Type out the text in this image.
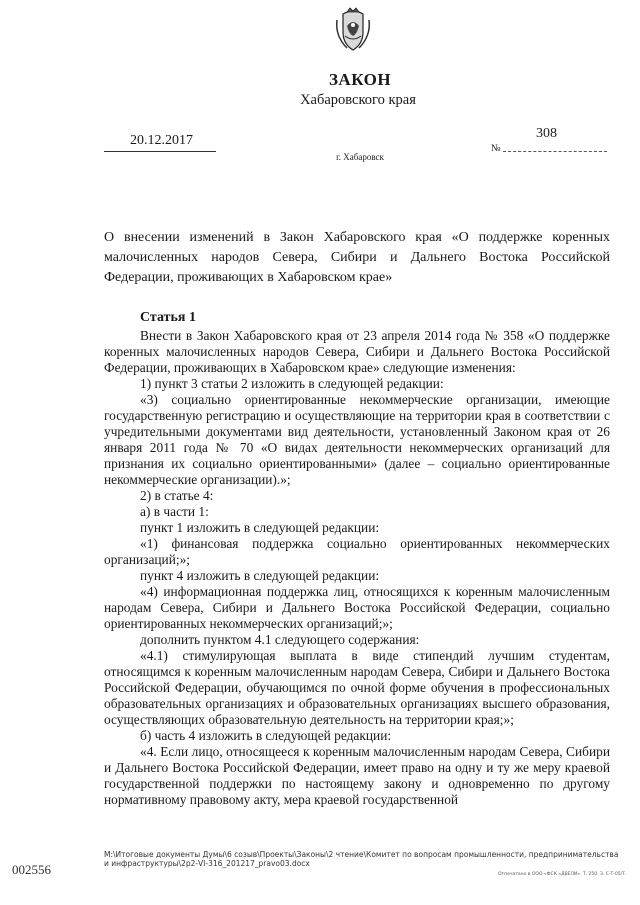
ЗАКОН
Хабаровского края
20.12.2017
№
308
г. Хабаровск
О внесении изменений в Закон Хабаровского края «О поддержке коренных малочисленных народов Севера, Сибири и Дальнего Востока Российской Федерации, проживающих в Хабаровском крае»

Статья 1

Внести в Закон Хабаровского края от 23 апреля 2014 года № 358 «О поддержке коренных малочисленных народов Севера, Сибири и Дальнего Востока Российской Федерации, проживающих в Хабаровском крае» следующие изменения:

1) пункт 3 статьи 2 изложить в следующей редакции:

«3) социально ориентированные некоммерческие организации, имеющие государственную регистрацию и осуществляющие на территории края в соответствии с учредительными документами вид деятельности, установленный Законом края от 26 января 2011 года № 70 «О видах деятельности некоммерческих организаций для признания их социально ориентированными» (далее – социально ориентированные некоммерческие организации).»;

2) в статье 4:

а) в части 1:

пункт 1 изложить в следующей редакции:

«1) финансовая поддержка социально ориентированных некоммерческих организаций;»;

пункт 4 изложить в следующей редакции:

«4) информационная поддержка лиц, относящихся к коренным малочисленным народам Севера, Сибири и Дальнего Востока Российской Федерации, социально ориентированных некоммерческих организаций;»;

дополнить пунктом 4.1 следующего содержания:

«4.1) стимулирующая выплата в виде стипендий лучшим студентам, относящимся к коренным малочисленным народам Севера, Сибири и Дальнего Востока Российской Федерации, обучающимся по очной форме обучения в профессиональных образовательных организациях и образовательных организациях высшего образования, осуществляющих образовательную деятельность на территории края;»;

б) часть 4 изложить в следующей редакции:

«4. Если лицо, относящееся к коренным малочисленным народам Севера, Сибири и Дальнего Востока Российской Федерации, имеет право на одну и ту же меру краевой государственной поддержки по настоящему закону и одновременно по другому нормативному правовому акту, мера краевой государственной

М:\Итоговые документы Думы\6 созыв\Проекты\Законы\2 чтение\Комитет по вопросам промышленности, предпринимательства и инфраструктуры\2р2-VI-316_201217_pravo03.docx
002556	Отпечатано в ООО «ФСК «ДВЕЛИ». Т. 250. З. С-Т-05/Т.
